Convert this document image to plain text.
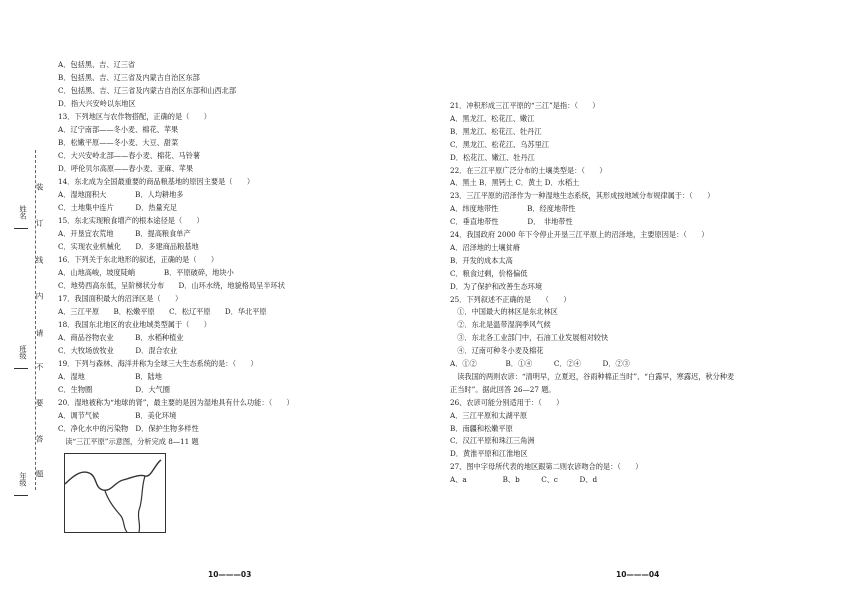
A．包括黑、吉、辽三省
B．包括黑、吉、辽三省及内蒙古自治区东部
C．包括黑、吉、辽三省及内蒙古自治区东部和山西北部
D．指大兴安岭以东地区
13．下列地区与农作物搭配，正确的是（　　）
A．辽宁南部——冬小麦、棉花、苹果
B．松嫩平原——冬小麦、大豆、甜菜
C．大兴安岭北部——春小麦、棉花、马铃薯
D．呼伦贝尔高原——春小麦、亚麻、苹果
14．东北成为全国最重要的商品粮基地的原因主要是（　　）
A．湿地面积大　　　　B．人均耕地多
C．土地集中连片　　　D．热量充足
15．东北实现粮食增产的根本途径是（　　）
A．开垦宜农荒地　　　B．提高粮食单产
C．实现农业机械化　　D．多建商品粮基地
16．下列关于东北地形的叙述，正确的是（　　）
A．山地高峻，坡度陡峭　　　　B．平原破碎，地块小
C．地势西高东低，呈阶梯状分布　　D．山环水绕，地貌格局呈半环状
17．我国面积最大的沼泽区是（　　）
A．三江平原　　B．松嫩平原　　C．松辽平原　　D．华北平原
18．我国东北地区的农业地域类型属于（　　）
A．商品谷物农业　　　B．水稻种植业
C．大牧场放牧业　　　D．混合农业
19．下列与森林、海洋并称为全球三大生态系统的是：（　　）
A．湿地　　　　　　　B．陆地
C．生物圈　　　　　　D．大气圈
20．湿地被称为“地球的肾”，最主要的是因为湿地具有什么功能：（　　）
A．调节气候　　　　　B．美化环境
C．净化水中的污染物　D．保护生物多样性
　读“三江平原”示意图，分析完成 8—11 题
21．冲积形成三江平原的“三江”是指：（　　）
A．黑龙江、松花江、嫩江
B．黑龙江、松花江、牡丹江
C．黑龙江、松花江、乌苏里江
D．松花江、嫩江、牡丹江
22．在三江平原广泛分布的土壤类型是：（　　）
A．黑土 B．黑钙土 C．黄土 D．水稻土
23．三江平原的沼泽作为一种湿地生态系统，其形成按地域分布规律属于：（　　）
A．纬度地带性　　　　B．经度地带性
C．垂直地带性　　　　D．　非地带性
24．我国政府 2000 年下令停止开垦三江平原上的沼泽地，主要原因是：（　　）
A．沼泽地的土壤贫瘠
B．开发的成本太高
C．粮食过剩，价格偏低
D．为了保护和改善生态环境
25．下列叙述不正确的是　　（　　）
　①．中国最大的林区是东北林区
　②．东北是温带湿润季风气候
　③．东北各工业部门中，石油工业发展相对较快
　④．辽南可种冬小麦及棉花
A．①②　　　　B．①④　　　C．②④　　　D．②③
　读我国的两则农谚：“清明早，立夏迟，谷雨种棉正当时”、“白露早，寒露迟，秋分种麦
正当时”。据此回答 26—27 题。
26、农谚可能分别适用于：（　　）
A．三江平原和太湖平原
B．南疆和松嫩平原
C．汉江平原和珠江三角洲
D．黄淮平原和江淮地区
27、图中字母所代表的地区跟第二则农谚吻合的是：（　　）
A、a　　　　　B、b　　　C、c　　　D、d
姓名
班级
年级
装
订
线
内
请
不
要
答
题
10———03	10———04
